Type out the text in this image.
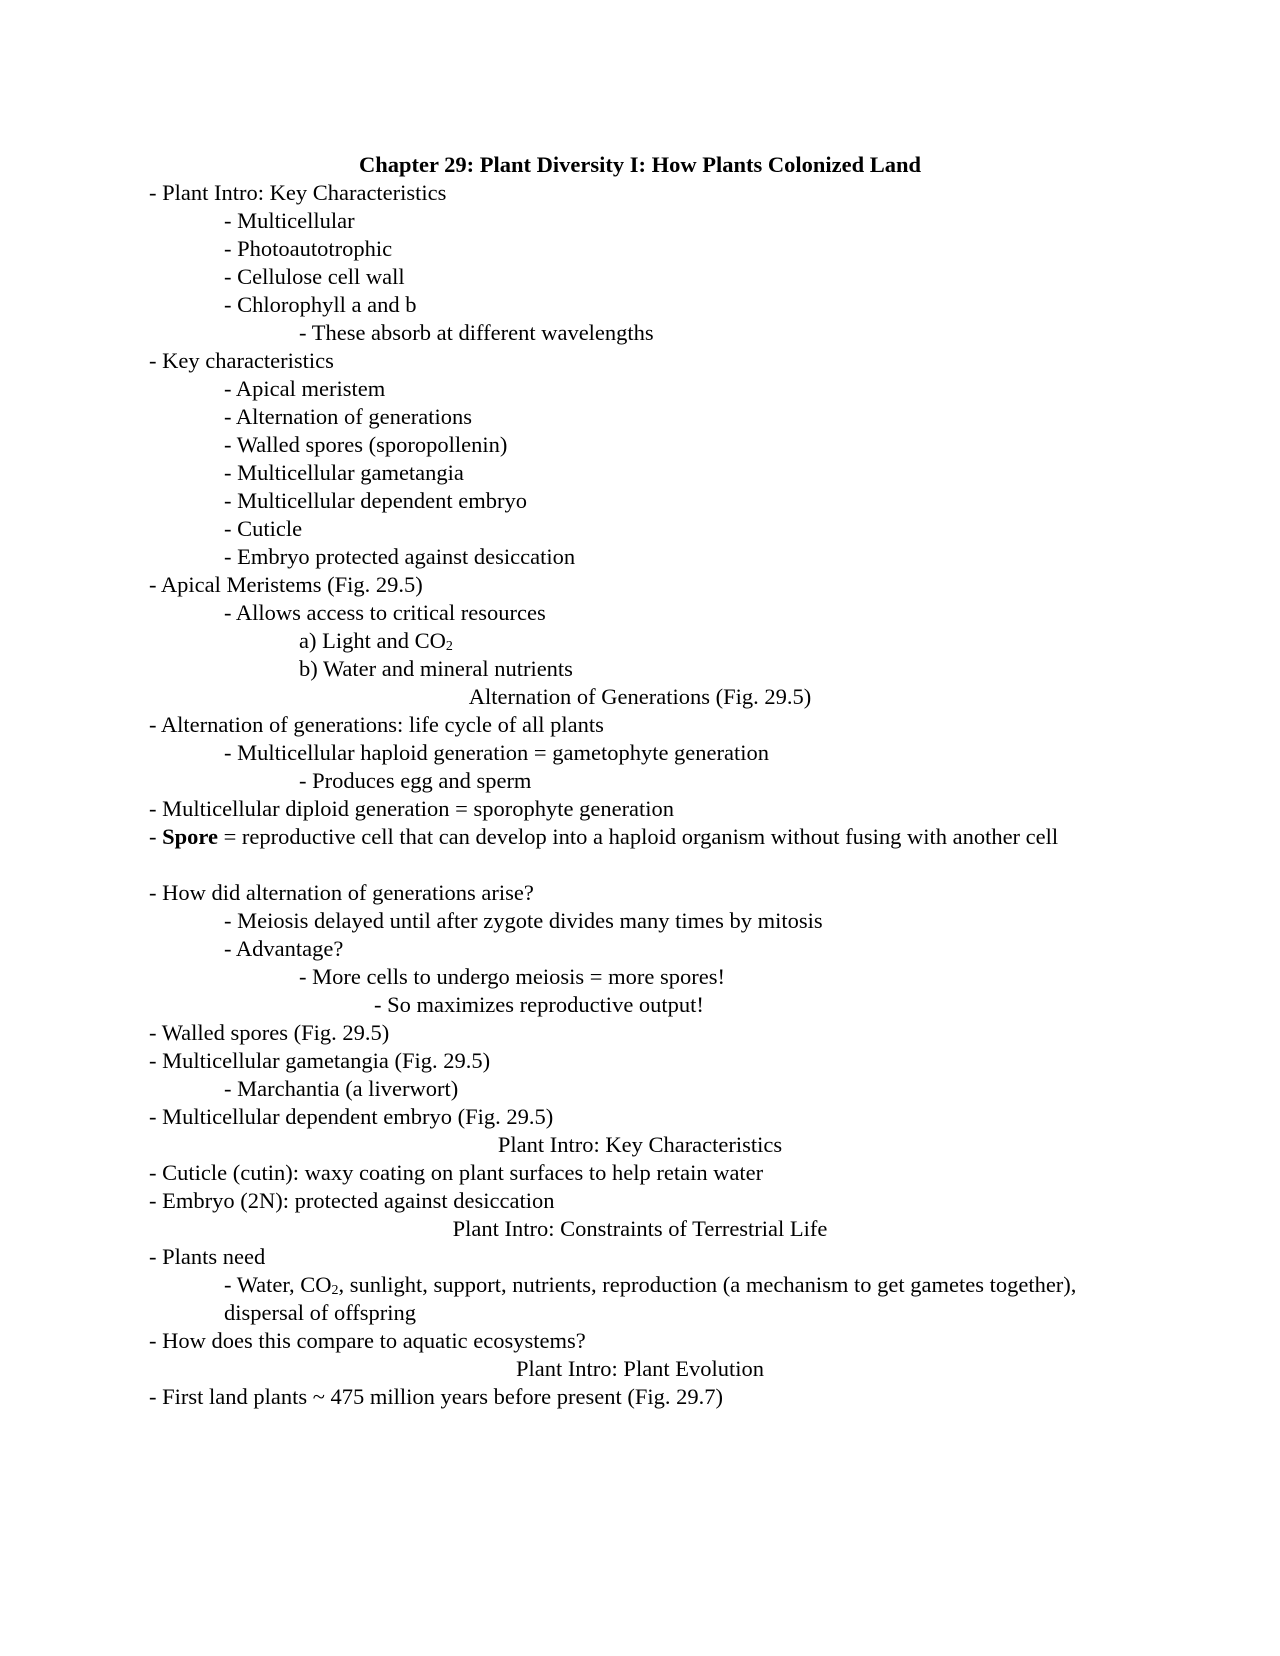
Chapter 29: Plant Diversity I: How Plants Colonized Land
- Plant Intro: Key Characteristics
- Multicellular
- Photoautotrophic
- Cellulose cell wall
- Chlorophyll a and b
- These absorb at different wavelengths
- Key characteristics
- Apical meristem
- Alternation of generations
- Walled spores (sporopollenin)
- Multicellular gametangia
- Multicellular dependent embryo
- Cuticle
- Embryo protected against desiccation
- Apical Meristems (Fig. 29.5)
- Allows access to critical resources
a) Light and $CO_2$
b) Water and mineral nutrients
Alternation of Generations (Fig. 29.5)
- Alternation of generations: life cycle of all plants
- Multicellular haploid generation = gametophyte generation
- Produces egg and sperm
- Multicellular diploid generation = sporophyte generation
- Spore = reproductive cell that can develop into a haploid organism without fusing with another cell
- How did alternation of generations arise?
- Meiosis delayed until after zygote divides many times by mitosis
- Advantage?
- More cells to undergo meiosis = more spores!
- So maximizes reproductive output!
- Walled spores (Fig. 29.5)
- Multicellular gametangia (Fig. 29.5)
- Marchantia (a liverwort)
- Multicellular dependent embryo (Fig. 29.5)
Plant Intro: Key Characteristics
- Cuticle (cutin): waxy coating on plant surfaces to help retain water
- Embryo (2N): protected against desiccation
Plant Intro: Constraints of Terrestrial Life
- Plants need
- Water, $CO_2$, sunlight, support, nutrients, reproduction (a mechanism to get gametes together), dispersal of offspring
- How does this compare to aquatic ecosystems?
Plant Intro: Plant Evolution
- First land plants ~ 475 million years before present (Fig. 29.7)
